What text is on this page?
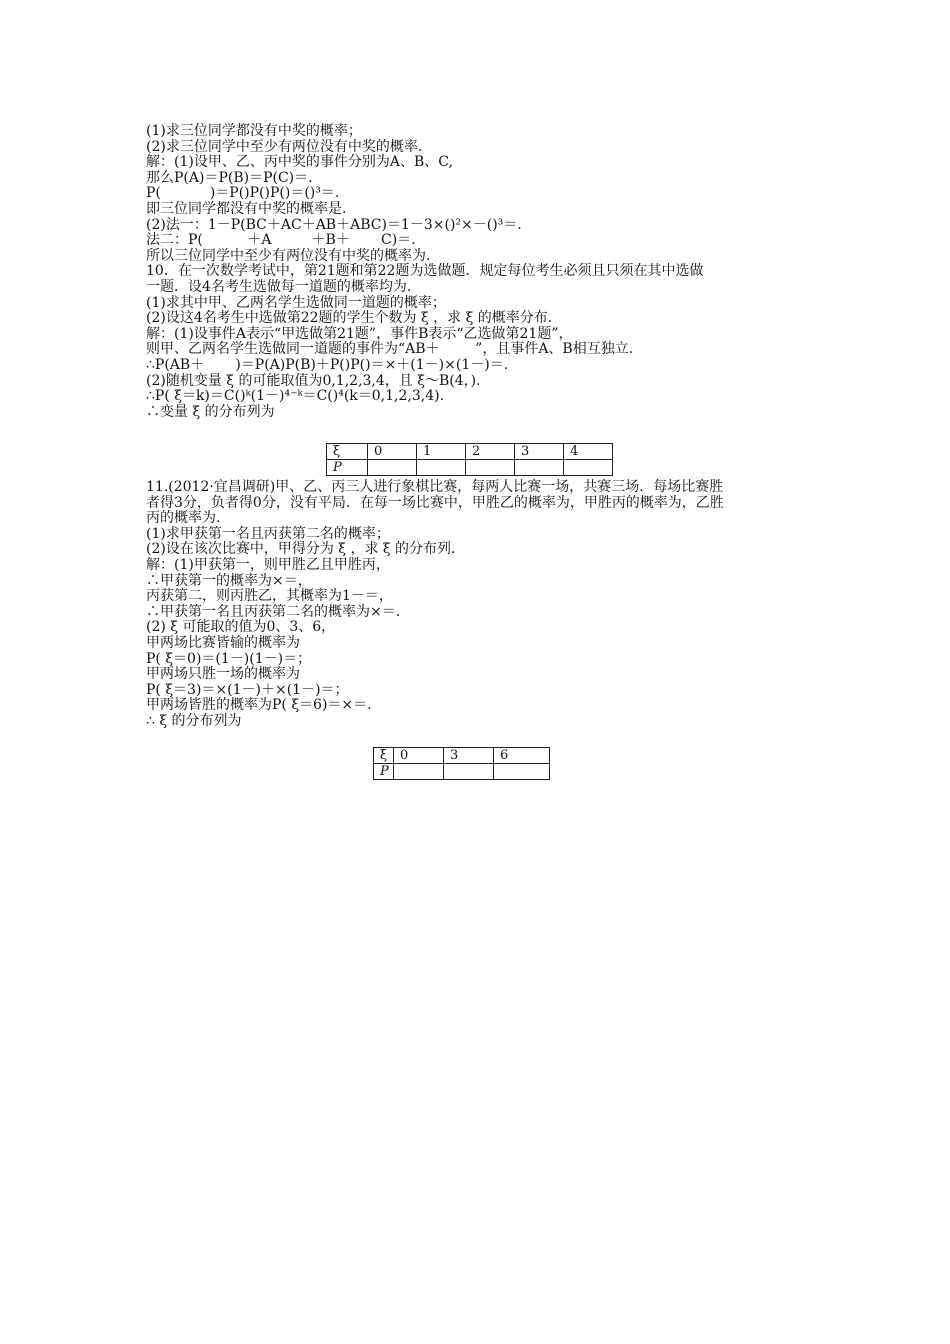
(1)求三位同学都没有中奖的概率；
(2)求三位同学中至少有两位没有中奖的概率.
解：(1)设甲、乙、丙中奖的事件分别为A、B、C,
那么P(A)＝P(B)＝P(C)＝.
P(           )＝P()P()P()＝()³＝.
即三位同学都没有中奖的概率是.
(2)法一：1－P(BC＋AC＋AB＋ABC)＝1－3×()²×－()³＝.
法二：P(          ＋A         ＋B＋       C)＝.
所以三位同学中至少有两位没有中奖的概率为.
10．在一次数学考试中，第21题和第22题为选做题．规定每位考生必须且只须在其中选做
一题．设4名考生选做每一道题的概率均为.
(1)求其中甲、乙两名学生选做同一道题的概率；
(2)设这4名考生中选做第22题的学生个数为 ξ ，求 ξ 的概率分布.
解：(1)设事件A表示“甲选做第21题”，事件B表示“乙选做第21题”，
则甲、乙两名学生选做同一道题的事件为“AB＋        ”，且事件A、B相互独立.
∴P(AB＋       )＝P(A)P(B)＋P()P()＝×＋(1－)×(1－)＝.
(2)随机变量 ξ 的可能取值为0,1,2,3,4，且 ξ～B(4，).
∴P( ξ＝k)＝C()ᵏ(1－)⁴⁻ᵏ＝C()⁴(k＝0,1,2,3,4).
∴变量 ξ 的分布列为
ξ	0	1	2	3	4
P					
11.(2012·宜昌调研)甲、乙、丙三人进行象棋比赛，每两人比赛一场，共赛三场．每场比赛胜
者得3分，负者得0分，没有平局．在每一场比赛中，甲胜乙的概率为，甲胜丙的概率为，乙胜
丙的概率为.
(1)求甲获第一名且丙获第二名的概率；
(2)设在该次比赛中，甲得分为 ξ ，求 ξ 的分布列.
解：(1)甲获第一，则甲胜乙且甲胜丙，
∴甲获第一的概率为×＝，
丙获第二，则丙胜乙，其概率为1－＝，
∴甲获第一名且丙获第二名的概率为×＝.
(2) ξ 可能取的值为0、3、6，
甲两场比赛皆输的概率为
P( ξ＝0)＝(1－)(1－)＝；
甲两场只胜一场的概率为
P( ξ＝3)＝×(1－)＋×(1－)＝；
甲两场皆胜的概率为P( ξ＝6)＝×＝.
∴ ξ 的分布列为
ξ	0	3	6
P			
